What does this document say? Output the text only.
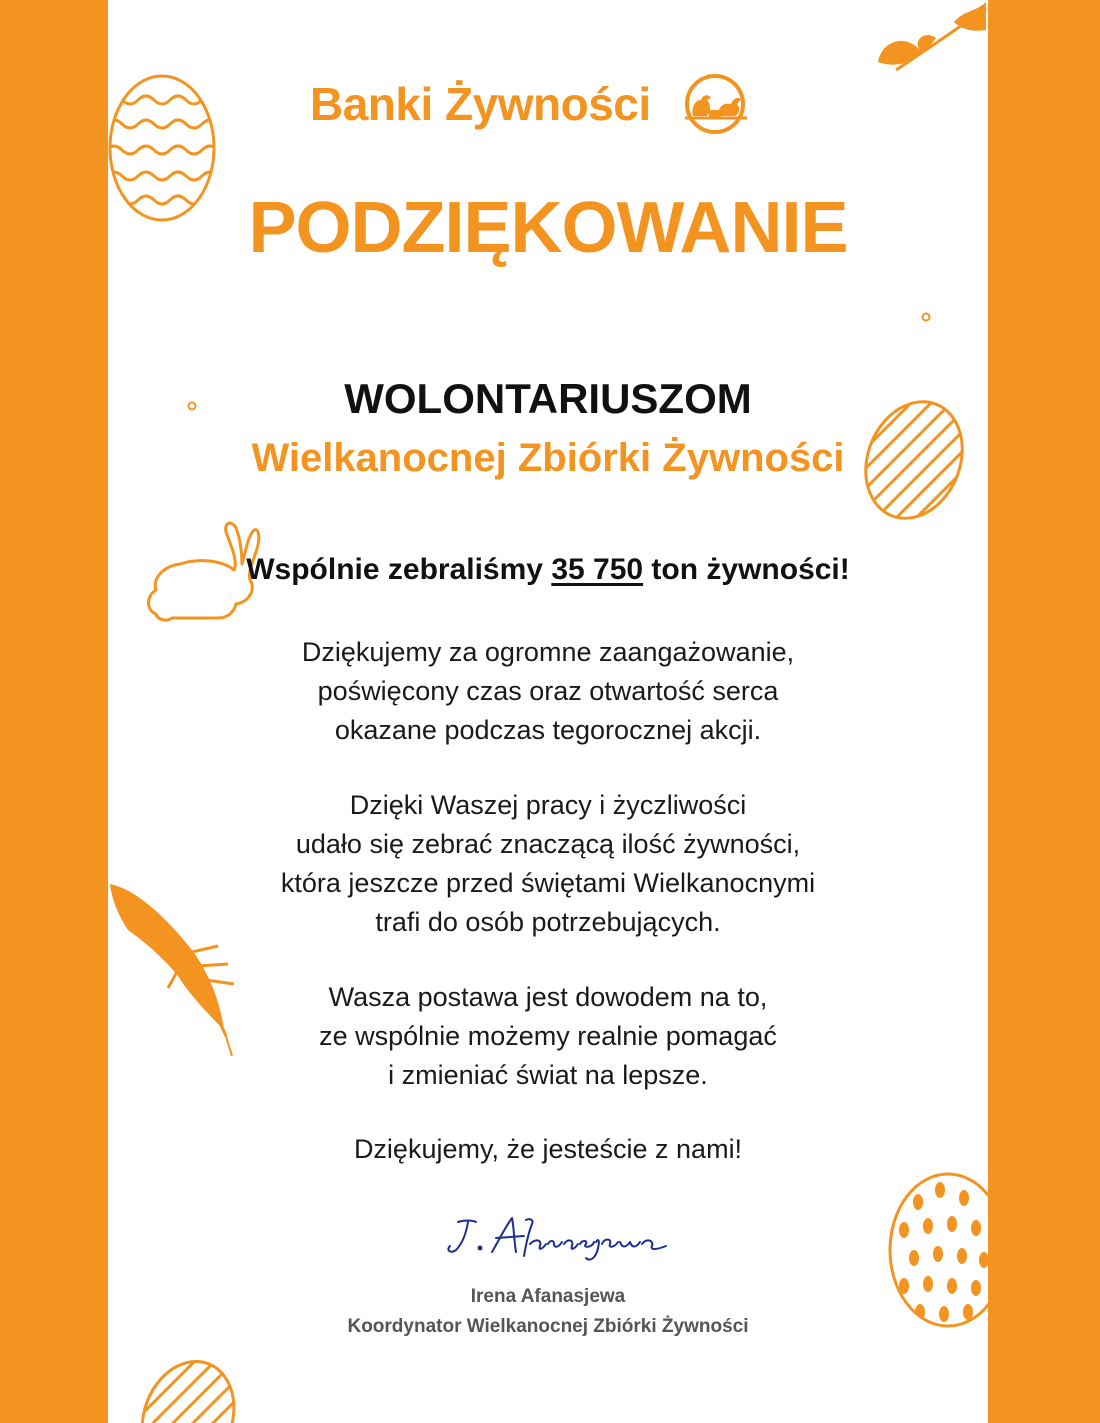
Banki Żywności
PODZIĘKOWANIE
WOLONTARIUSZOM
Wielkanocnej Zbiórki Żywności
Wspólnie zebraliśmy 35 750 ton żywności!
Dziękujemy za ogromne zaangażowanie,
poświęcony czas oraz otwartość serca
okazane podczas tegorocznej akcji.
Dzięki Waszej pracy i życzliwości
udało się zebrać znaczącą ilość żywności,
która jeszcze przed świętami Wielkanocnymi
trafi do osób potrzebujących.
Wasza postawa jest dowodem na to,
ze wspólnie możemy realnie pomagać
i zmieniać świat na lepsze.
Dziękujemy, że jesteście z nami!
Irena Afanasjewa
Koordynator Wielkanocnej Zbiórki Żywności
